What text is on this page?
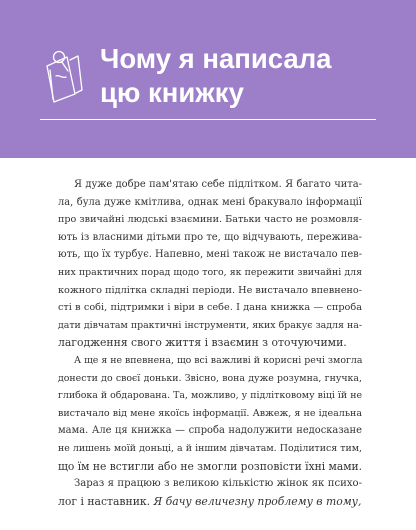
Чому я написала
цю книжку
Я дуже добре пам'ятаю себе підлітком. Я багато чита-
ла, була дуже кмітлива, однак мені бракувало інформації
про звичайні людські взаємини. Батьки часто не розмовля-
ють із власними дітьми про те, що відчувають, пережива-
ють, що їх турбує. Напевно, мені також не вистачало пев-
них практичних порад щодо того, як пережити звичайні для
кожного підлітка складні періоди. Не вистачало впевнено-
сті в собі, підтримки і віри в себе. І дана книжка — спроба
дати дівчатам практичні інструменти, яких бракує задля на-
лагодження свого життя і взаємин з оточуючими.
А ще я не впевнена, що всі важливі й корисні речі змогла
донести до своєї доньки. Звісно, вона дуже розумна, гнучка,
глибока й обдарована. Та, можливо, у підлітковому віці їй не
вистачало від мене якоїсь інформації. Авжеж, я не ідеальна
мама. Але ця книжка — спроба надолужити недосказане
не лишень моїй доньці, а й іншим дівчатам. Поділитися тим,
що їм не встигли або не змогли розповісти їхні мами.
Зараз я працюю з великою кількістю жінок як психо-
лог і наставник. Я бачу величезну проблему в тому,
